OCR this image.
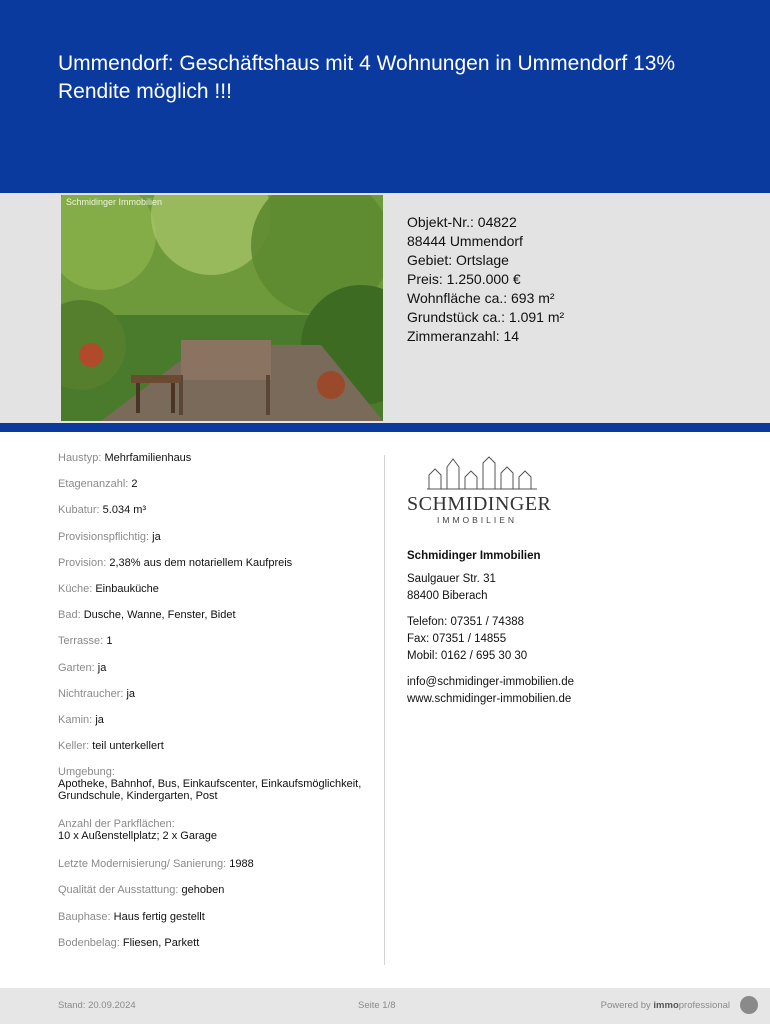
Ummendorf: Geschäftshaus mit 4 Wohnungen in Ummendorf 13% Rendite möglich !!!
Schmidinger Immobilien
Objekt-Nr.: 04822
88444 Ummendorf
Gebiet: Ortslage
Preis: 1.250.000 €
Wohnfläche ca.: 693 m²
Grundstück ca.: 1.091 m²
Zimmeranzahl: 14
Haustyp: Mehrfamilienhaus
Etagenanzahl: 2
Kubatur: 5.034 m³
Provisionspflichtig: ja
Provision: 2,38% aus dem notariellem Kaufpreis
Küche: Einbauküche
Bad: Dusche, Wanne, Fenster, Bidet
Terrasse: 1
Garten: ja
Nichtraucher: ja
Kamin: ja
Keller: teil unterkellert
Umgebung:
Apotheke, Bahnhof, Bus, Einkaufscenter, Einkaufsmöglichkeit, Grundschule, Kindergarten, Post
Anzahl der Parkflächen:
10 x Außenstellplatz; 2 x Garage
Letzte Modernisierung/ Sanierung: 1988
Qualität der Ausstattung: gehoben
Bauphase: Haus fertig gestellt
Bodenbelag: Fliesen, Parkett
SCHMIDINGER
IMMOBILIEN
Schmidinger Immobilien
Saulgauer Str. 31
88400 Biberach
Telefon: 07351 / 74388
Fax: 07351 / 14855
Mobil: 0162 / 695 30 30
info@schmidinger-immobilien.de
www.schmidinger-immobilien.de
Stand: 20.09.2024	Seite 1/8	Powered by immoprofessional
